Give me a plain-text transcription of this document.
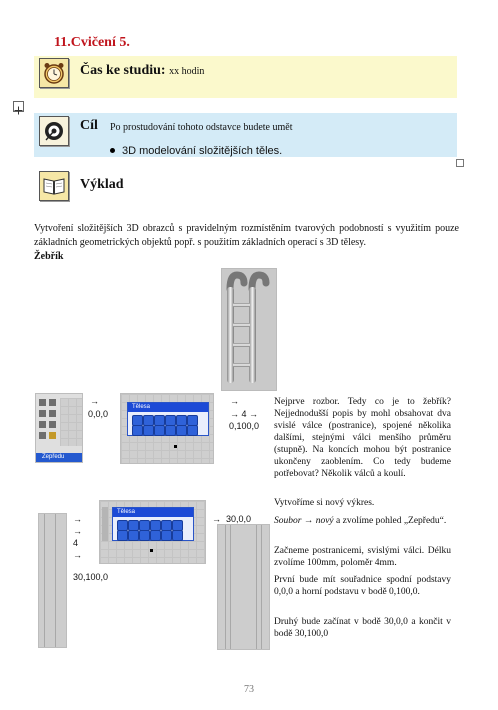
11.Cvičení 5.
Čas ke studiu: xx hodin
Cíl Po prostudování tohoto odstavce budete umět
3D modelování složitějších těles.
Výklad
Vytvoření složitějších 3D obrazců s pravidelným rozmístěním tvarových podobností s využitím pouze základních geometrických objektů popř. s použitím základních operací s 3D tělesy.
Žebřík
Zepředu
→
0,0,0
Tělesa
→
→ 4 →
0,100,0
Nejprve rozbor. Tedy co je to žebřík? Nejjednodušší popis by mohl obsahovat dva svislé válce (postranice), spojené několika dalšími, stejnými válci menšího průměru (stupně). Na koncích mohou být postranice ukončeny zaoblením. Co tedy budeme potřebovat? Několik válců a koulí.
Vytvoříme si nový výkres.
Soubor → nový a zvolíme pohled „Zepředu“.
Začneme postranicemi, svislými válci. Délku zvolíme 100mm, poloměr 4mm.
První bude mít souřadnice spodní podstavy 0,0,0 a horní podstavu v bodě 0,100,0.
Druhý bude začínat v bodě 30,0,0 a končit v bodě 30,100,0
→
→
4
→
30,100,0
Tělesa
→ 30,0,0
73
